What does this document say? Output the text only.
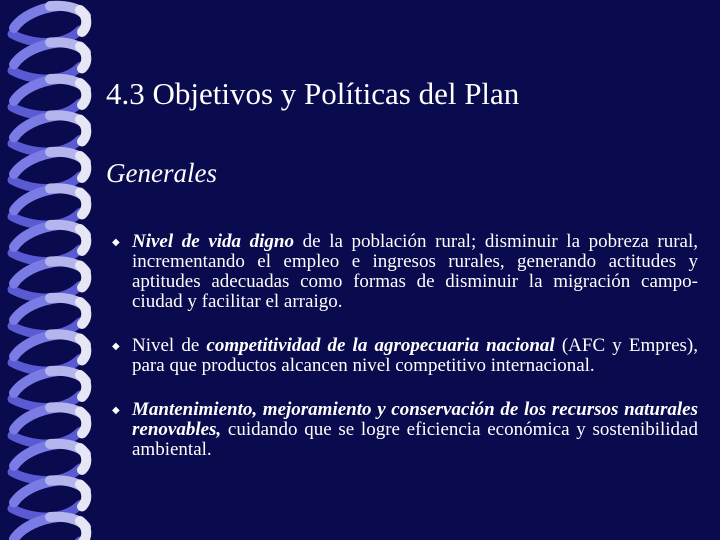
4.3 Objetivos y Políticas del Plan
Generales
◆ Nivel de vida digno de la población rural; disminuir la pobreza rural, incrementando el empleo e ingresos rurales, generando actitudes y aptitudes adecuadas como formas de disminuir la migración campo-ciudad y facilitar el arraigo.
◆ Nivel de competitividad de la agropecuaria nacional (AFC y Empres), para que productos alcancen nivel competitivo internacional.
◆ Mantenimiento, mejoramiento y conservación de los recursos naturales renovables, cuidando que se logre eficiencia económica y sostenibilidad ambiental.
